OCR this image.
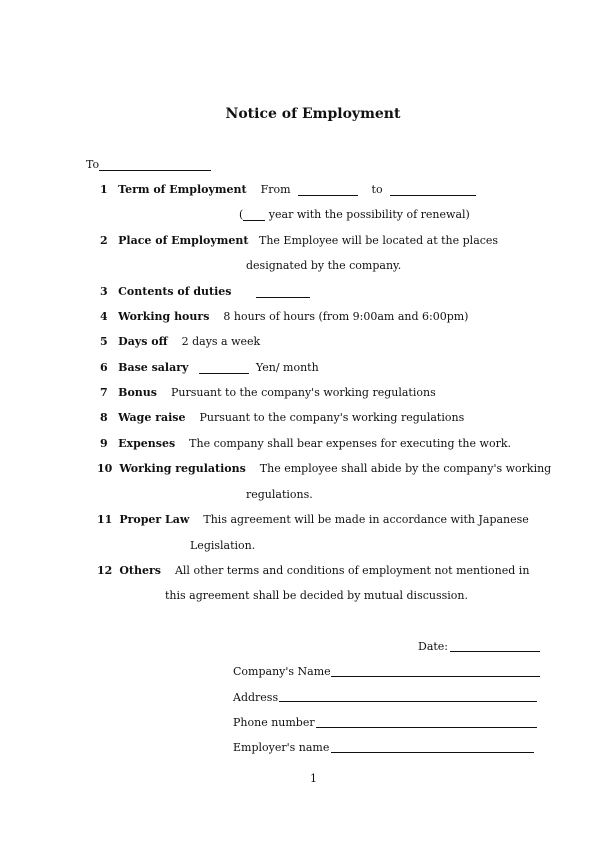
Notice of Employment
To
1 Term of Employment From	to
( year with the possibility of renewal)
2 Place of Employment The Employee will be located at the places
designated by the company.
3 Contents of duties
4 Working hours 8 hours of hours (from 9:00am and 6:00pm)
5 Days off 2 days a week
6 Base salary	Yen/ month
7 Bonus Pursuant to the company's working regulations
8 Wage raise Pursuant to the company's working regulations
9 Expenses The company shall bear expenses for executing the work.
10 Working regulations The employee shall abide by the company's working
regulations.
11 Proper Law This agreement will be made in accordance with Japanese
Legislation.
12 Others All other terms and conditions of employment not mentioned in
this agreement shall be decided by mutual discussion.
Date:
Company's Name
Address
Phone number
Employer's name
1
